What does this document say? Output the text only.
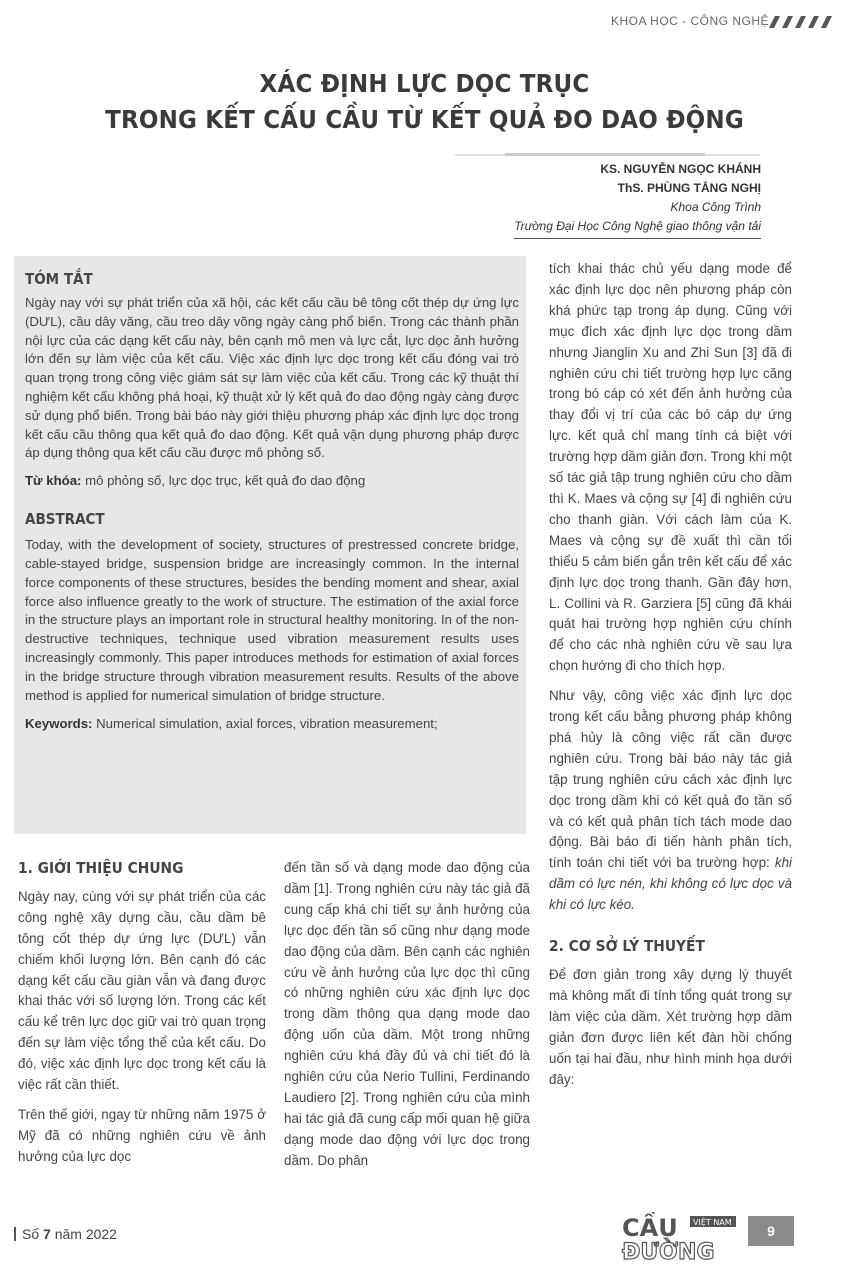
KHOA HỌC - CÔNG NGHỆ
XÁC ĐỊNH LỰC DỌC TRỤC
TRONG KẾT CẤU CẦU TỪ KẾT QUẢ ĐO DAO ĐỘNG
KS. NGUYỄN NGỌC KHÁNH
ThS. PHÙNG TẮNG NGHỊ
Khoa Công Trình
Trường Đại Học Công Nghệ giao thông vận tải
TÓM TẮT
Ngày nay với sự phát triển của xã hội, các kết cấu cầu bê tông cốt thép dự ứng lực (DƯL), cầu dây văng, cầu treo dây võng ngày càng phổ biến. Trong các thành phần nội lực của các dạng kết cấu này, bên cạnh mô men và lực cắt, lực dọc ảnh hưởng lớn đến sự làm việc của kết cấu. Việc xác định lực dọc trong kết cấu đóng vai trò quan trọng trong công việc giám sát sự làm việc của kết cấu. Trong các kỹ thuật thí nghiệm kết cấu không phá hoại, kỹ thuật xử lý kết quả đo dao động ngày càng được sử dụng phổ biến. Trong bài báo này giới thiệu phương pháp xác định lực dọc trong kết cấu cầu thông qua kết quả đo dao động. Kết quả vận dụng phương pháp được áp dụng thông qua kết cấu cầu được mô phỏng số.
Từ khóa: mô phỏng số, lực dọc trục, kết quả đo dao động
ABSTRACT
Today, with the development of society, structures of prestressed concrete bridge, cable-stayed bridge, suspension bridge are increasingly common. In the internal force components of these structures, besides the bending moment and shear, axial force also influence greatly to the work of structure. The estimation of the axial force in the structure plays an important role in structural healthy monitoring. In of the non-destructive techniques, technique used vibration measurement results uses increasingly commonly. This paper introduces methods for estimation of axial forces in the bridge structure through vibration measurement results. Results of the above method is applied for numerical simulation of bridge structure.
Keywords: Numerical simulation, axial forces, vibration measurement;
1. GIỚI THIỆU CHUNG

Ngày nay, cùng với sự phát triển của các công nghệ xây dựng cầu, cầu dầm bê tông cốt thép dự ứng lực (DƯL) vẫn chiếm khối lượng lớn. Bên cạnh đó các dạng kết cấu cầu giàn vẫn và đang được khai thác với số lượng lớn. Trong các kết cấu kể trên lực dọc giữ vai trò quan trọng đến sự làm việc tổng thể của kết cấu. Do đó, việc xác định lực dọc trong kết cấu là việc rất cần thiết.

Trên thế giới, ngay từ những năm 1975 ở Mỹ đã có những nghiên cứu về ảnh hưởng của lực dọc

đến tần số và dạng mode dao động của dầm [1]. Trong nghiên cứu này tác giả đã cung cấp khá chi tiết sự ảnh hưởng của lực dọc đến tần số cũng như dạng mode dao động của dầm. Bên cạnh các nghiên cứu về ảnh hưởng của lực dọc thì cũng có những nghiên cứu xác định lực dọc trong dầm thông qua dạng mode dao động uốn của dầm. Một trong những nghiên cứu khá đầy đủ và chi tiết đó là nghiên cứu của Nerio Tullini, Ferdinando Laudiero [2]. Trong nghiên cứu của mình hai tác giả đã cung cấp mối quan hệ giữa dạng mode dao động với lực dọc trong dầm. Do phân

tích khai thác chủ yếu dạng mode để xác định lực dọc nên phương pháp còn khá phức tạp trong áp dụng. Cũng với mục đích xác định lực dọc trong dầm nhưng Jianglin Xu and Zhi Sun [3] đã đi nghiên cứu chi tiết trường hợp lực căng trong bó cáp có xét đến ảnh hưởng của thay đổi vị trí của các bó cáp dự ứng lực. kết quả chỉ mang tính cá biệt với trường hợp dầm giản đơn. Trong khi một số tác giả tập trung nghiên cứu cho dầm thì K. Maes và cộng sự [4] đi nghiên cứu cho thanh giàn. Với cách làm của K. Maes và cộng sự đề xuất thì cần tối thiểu 5 cảm biến gắn trên kết cấu để xác định lực dọc trong thanh. Gần đây hơn, L. Collini và R. Garziera [5] cũng đã khái quát hai trường hợp nghiên cứu chính để cho các nhà nghiên cứu về sau lựa chọn hướng đi cho thích hợp.

Như vậy, công việc xác định lực dọc trong kết cấu bằng phương pháp không phá hủy là công việc rất cần được nghiên cứu. Trong bài báo này tác giả tập trung nghiên cứu cách xác định lực dọc trong dầm khi có kết quả đo tần số và có kết quả phân tích tách mode dao động. Bài báo đi tiến hành phân tích, tính toán chi tiết với ba trường hợp: khi dầm có lực nén, khi không có lực dọc và khi có lực kéo.

2. CƠ SỞ LÝ THUYẾT

Để đơn giản trong xây dựng lý thuyết mà không mất đi tính tổng quát trong sự làm việc của dầm. Xét trường hợp dầm giản đơn được liên kết đàn hồi chống uốn tại hai đầu, như hình minh họa dưới đây:

Số 7 năm 2022	CẦU VIỆT NAM
ĐƯỜNG
9
